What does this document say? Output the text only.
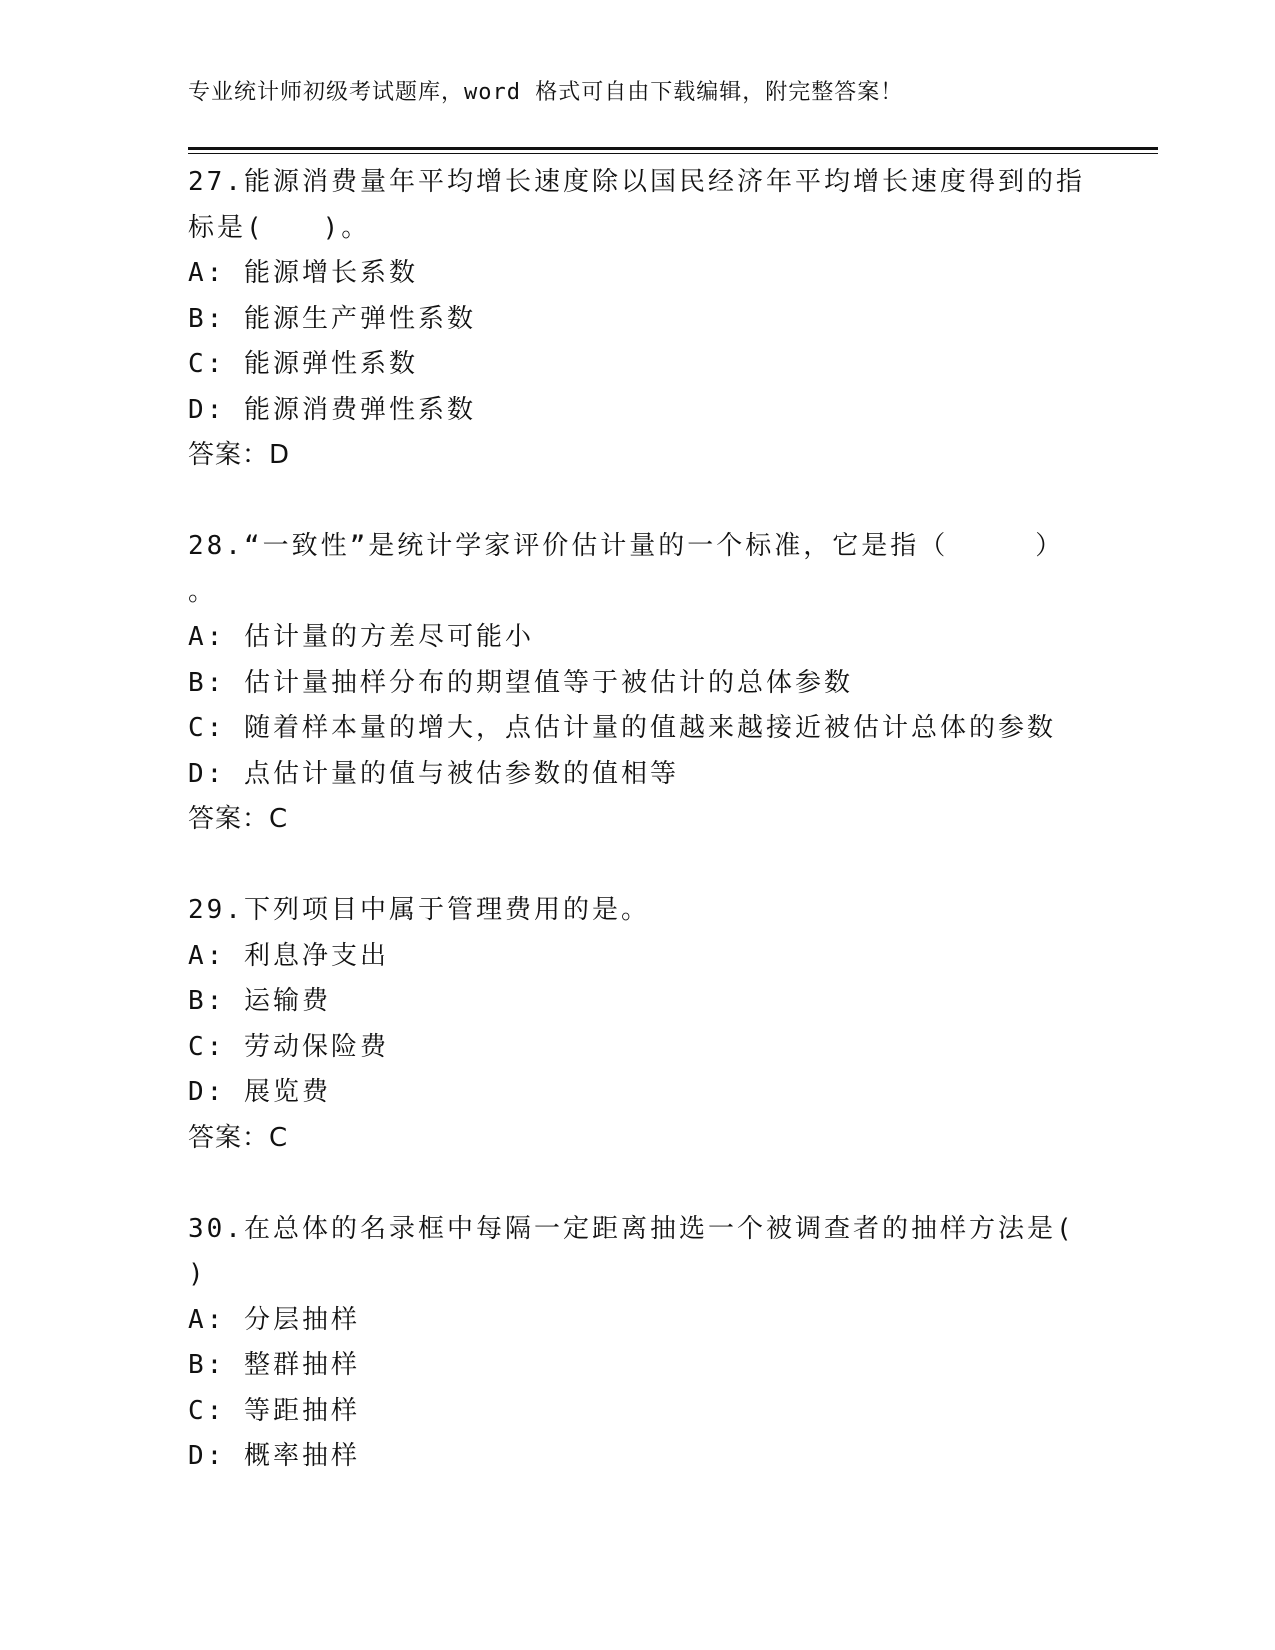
专业统计师初级考试题库，word 格式可自由下载编辑，附完整答案！
27.能源消费量年平均增长速度除以国民经济年平均增长速度得到的指
标是(　　)。
A: 能源增长系数
B: 能源生产弹性系数
C: 能源弹性系数
D: 能源消费弹性系数
答案：D
28.“一致性”是统计学家评价估计量的一个标准，它是指（　　　）
。
A: 估计量的方差尽可能小
B: 估计量抽样分布的期望值等于被估计的总体参数
C: 随着样本量的增大，点估计量的值越来越接近被估计总体的参数
D: 点估计量的值与被估参数的值相等
答案：C
29.下列项目中属于管理费用的是。
A: 利息净支出
B: 运输费
C: 劳动保险费
D: 展览费
答案：C
30.在总体的名录框中每隔一定距离抽选一个被调查者的抽样方法是(
)
A: 分层抽样
B: 整群抽样
C: 等距抽样
D: 概率抽样
